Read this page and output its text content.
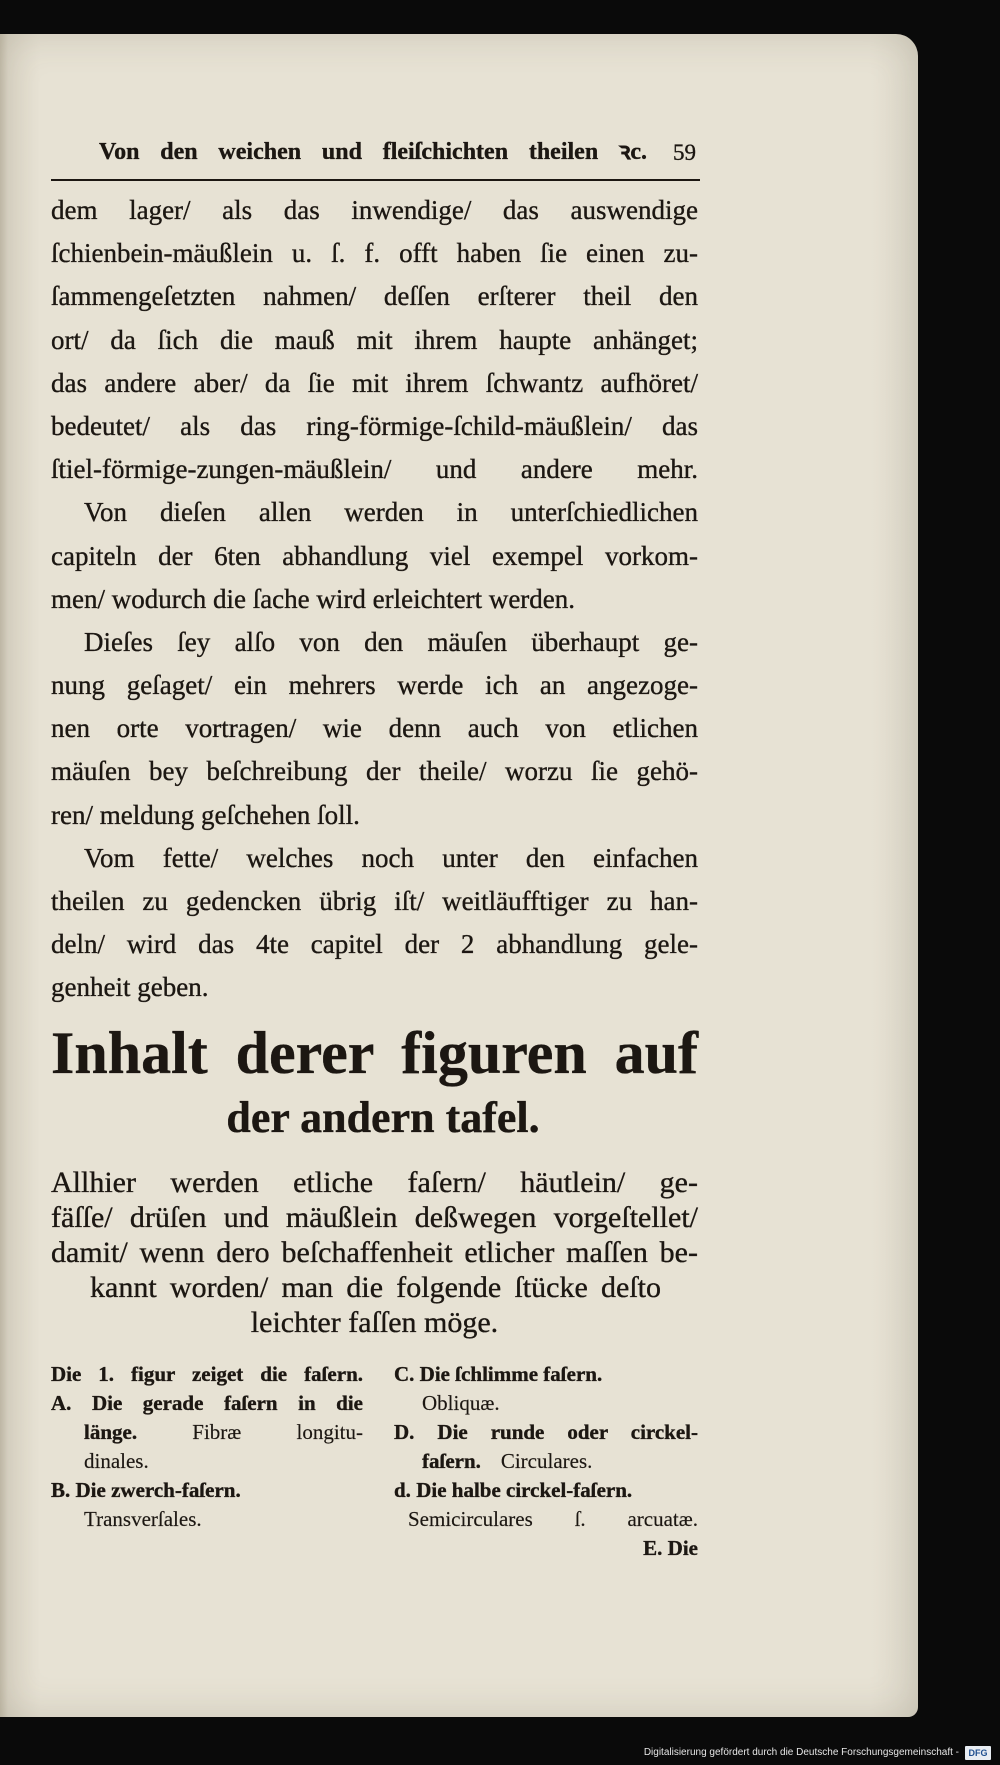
Von den weichen und fleiſchichten theilen ꝛc. 59
dem lager/ als das inwendige/ das auswendige
ſchienbein-mäußlein u. ſ. f. offt haben ſie einen zu-
ſammengeſetzten nahmen/ deſſen erſterer theil den
ort/ da ſich die mauß mit ihrem haupte anhänget;
das andere aber/ da ſie mit ihrem ſchwantz aufhöret/
bedeutet/ als das ring-förmige-ſchild-mäußlein/ das
ſtiel-förmige-zungen-mäußlein/ und andere mehr.
Von dieſen allen werden in unterſchiedlichen
capiteln der 6ten abhandlung viel exempel vorkom-
men/ wodurch die ſache wird erleichtert werden.
Dieſes ſey alſo von den mäuſen überhaupt ge-
nung geſaget/ ein mehrers werde ich an angezoge-
nen orte vortragen/ wie denn auch von etlichen
mäuſen bey beſchreibung der theile/ worzu ſie gehö-
ren/ meldung geſchehen ſoll.
Vom fette/ welches noch unter den einfachen
theilen zu gedencken übrig iſt/ weitläufftiger zu han-
deln/ wird das 4te capitel der 2 abhandlung gele-
genheit geben.
Inhalt derer figuren auf
der andern tafel.
Allhier werden etliche faſern/ häutlein/ ge-
fäſſe/ drüſen und mäußlein deßwegen vorgeſtellet/
damit/ wenn dero beſchaffenheit etlicher maſſen be-
kannt worden/ man die folgende ſtücke deſto
leichter faſſen möge.
Die 1. figur zeiget die faſern.
A. Die gerade faſern in die
länge.	Fibræ longitu-
dinales.
B. Die zwerch-faſern.
Transverſales.
C. Die ſchlimme faſern.
Obliquæ.
D. Die runde oder circkel-
faſern. Circulares.
d. Die halbe circkel-faſern.
Semicirculares ſ. arcuatæ.
E. Die
Digitalisierung gefördert durch die Deutsche Forschungsgemeinschaft -	DFG
